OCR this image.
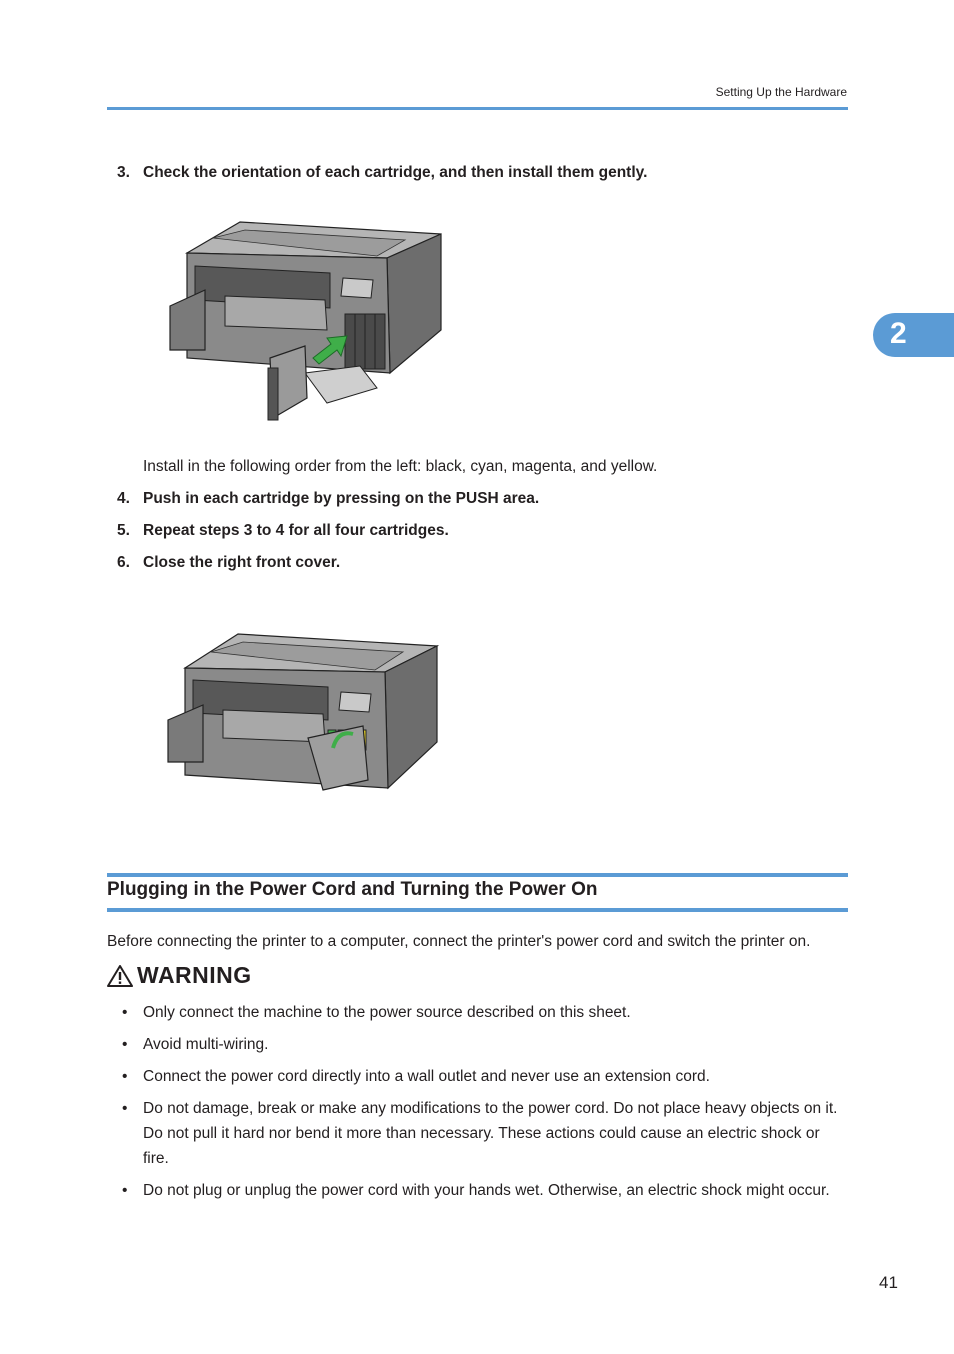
Setting Up the Hardware
2
3. Check the orientation of each cartridge, and then install them gently.
Install in the following order from the left: black, cyan, magenta, and yellow.
4. Push in each cartridge by pressing on the PUSH area.
5. Repeat steps 3 to 4 for all four cartridges.
6. Close the right front cover.
Plugging in the Power Cord and Turning the Power On
Before connecting the printer to a computer, connect the printer's power cord and switch the printer on.
WARNING
• Only connect the machine to the power source described on this sheet.
• Avoid multi-wiring.
• Connect the power cord directly into a wall outlet and never use an extension cord.
• Do not damage, break or make any modifications to the power cord. Do not place heavy objects on it. Do not pull it hard nor bend it more than necessary. These actions could cause an electric shock or fire.
• Do not plug or unplug the power cord with your hands wet. Otherwise, an electric shock might occur.
41
